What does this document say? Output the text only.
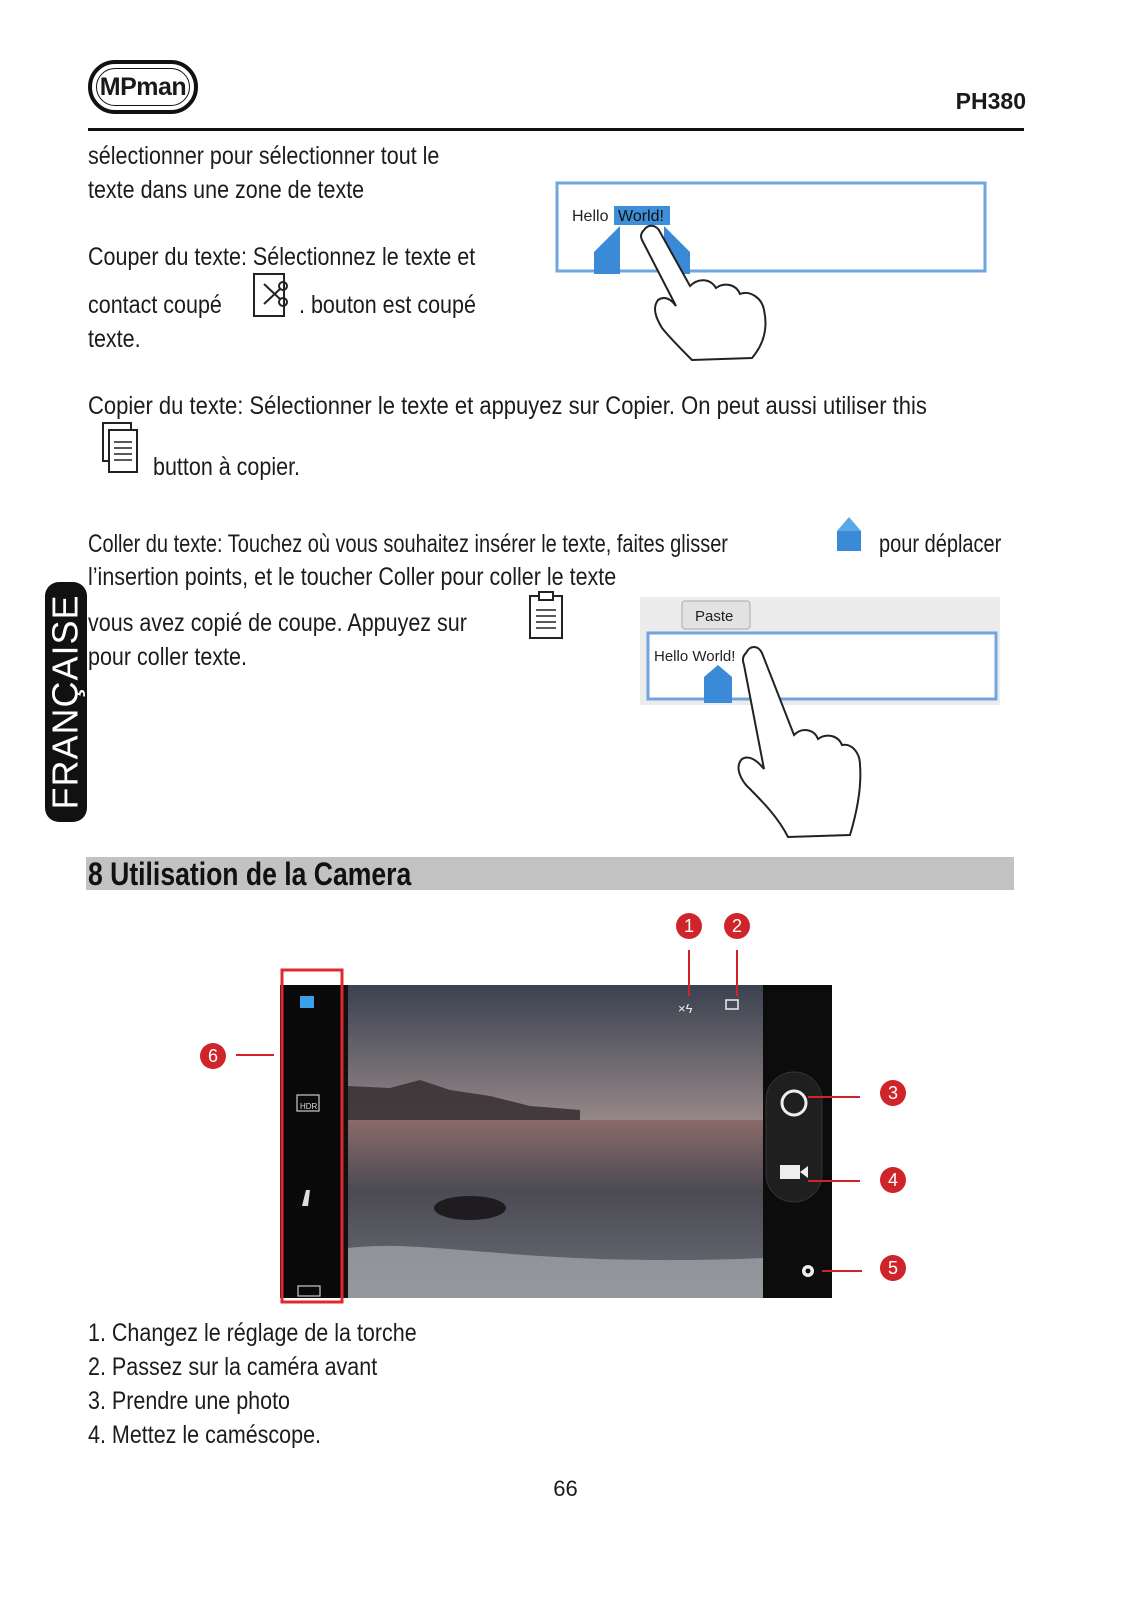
MPman
PH380
FRANÇAISE
sélectionner pour sélectionner tout le
texte dans une zone de texte
Couper du texte: Sélectionnez le texte et
contact coupé	. bouton est coupé
texte.
Hello World!
Copier du texte: Sélectionner le texte et appuyez sur Copier. On peut aussi utiliser this
button à copier.
Coller du texte: Touchez où vous souhaitez insérer le texte, faites glisser	pour déplacer
l’insertion points, et le toucher Coller pour coller le texte
vous avez copié de coupe. Appuyez sur
pour coller texte.
Paste
Hello World!
8 Utilisation de la Camera
HDR
×ϟ
1	2
3
4
5
6
1. Changez le réglage de la torche
2. Passez sur la caméra avant
3. Prendre une photo
4. Mettez le caméscope.
66
